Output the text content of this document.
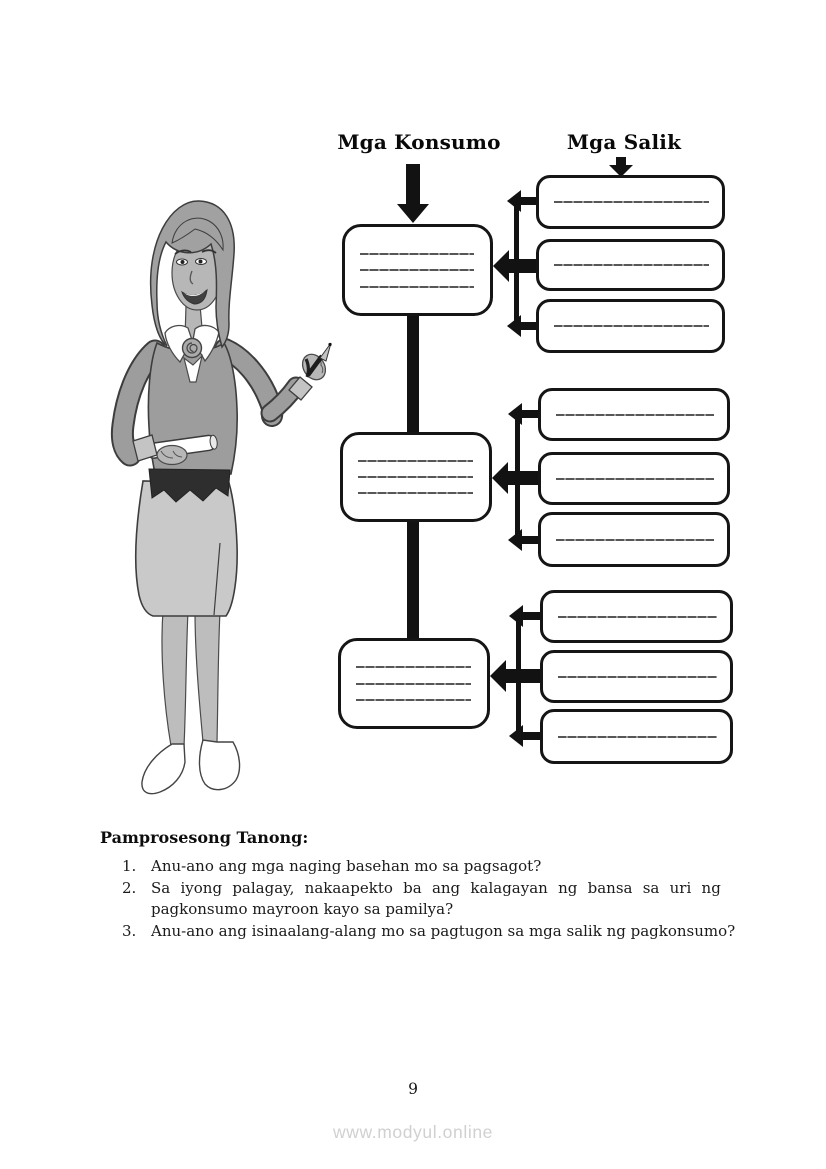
Mga Konsumo	Mga Salik
Pamprosesong Tanong:
1. Anu-ano ang mga naging basehan mo sa pagsagot?
2. Sa iyong palagay, nakaapekto ba ang kalagayan ng bansa sa uri ng
pagkonsumo mayroon kayo sa pamilya?
3. Anu-ano ang isinaalang-alang mo sa pagtugon sa mga salik ng pagkonsumo?
9
www.modyul.online
